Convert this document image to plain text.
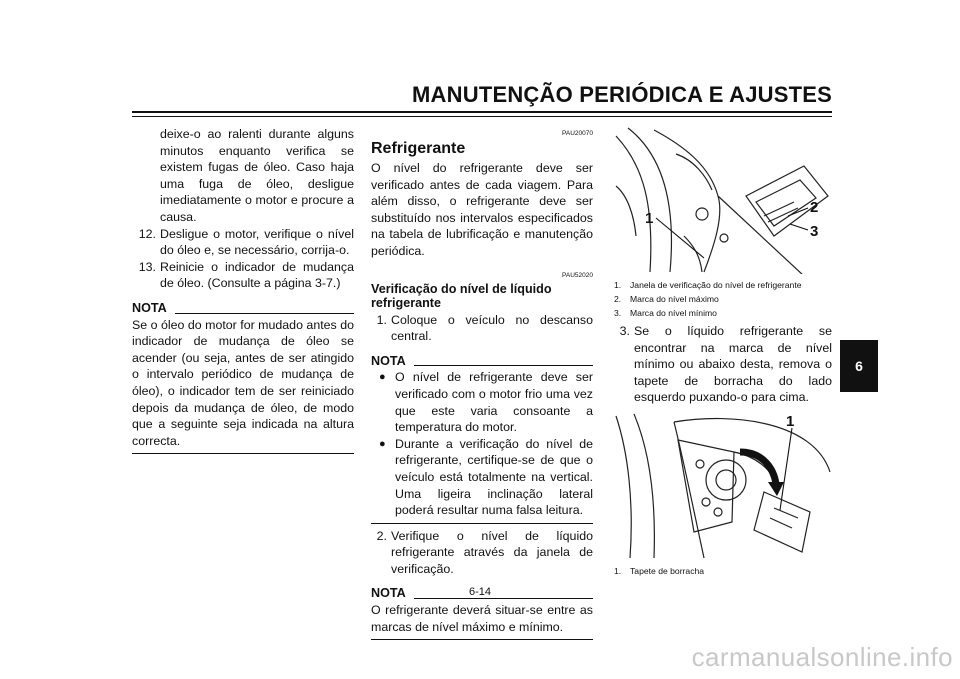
MANUTENÇÃO PERIÓDICA E AJUSTES
6

deixe-o ao ralenti durante alguns minutos enquanto verifica se existem fugas de óleo. Caso haja uma fuga de óleo, desligue imediatamente o motor e procure a causa.

12. Desligue o motor, verifique o nível do óleo e, se necessário, corrija-o.
13. Reinicie o indicador de mudança de óleo. (Consulte a página 3-7.)
NOTA

Se o óleo do motor for mudado antes do indicador de mudança de óleo se acender (ou seja, antes de ser atingido o intervalo periódico de mudança de óleo), o indicador tem de ser reiniciado depois da mudança de óleo, de modo que a seguinte seja indicada na altura correcta.

PAU20070
Refrigerante

O nível do refrigerante deve ser verificado antes de cada viagem. Para além disso, o refrigerante deve ser substituído nos intervalos especificados na tabela de lubrificação e manutenção periódica.

PAU52020
Verificação do nível de líquido refrigerante
1. Coloque o veículo no descanso central.
NOTA
● O nível de refrigerante deve ser verificado com o motor frio uma vez que este varia consoante a temperatura do motor.
● Durante a verificação do nível de refrigerante, certifique-se de que o veículo está totalmente na vertical. Uma ligeira inclinação lateral poderá resultar numa falsa leitura.
2. Verifique o nível de líquido refrigerante através da janela de verificação.
NOTA

O refrigerante deverá situar-se entre as marcas de nível máximo e mínimo.

1
2
3
1.	Janela de verificação do nível de refrigerante
2.	Marca do nível máximo
3.	Marca do nível mínimo
3. Se o líquido refrigerante se encontrar na marca de nível mínimo ou abaixo desta, remova o tapete de borracha do lado esquerdo puxando-o para cima.
1
1.	Tapete de borracha
6-14
carmanualsonline.info
